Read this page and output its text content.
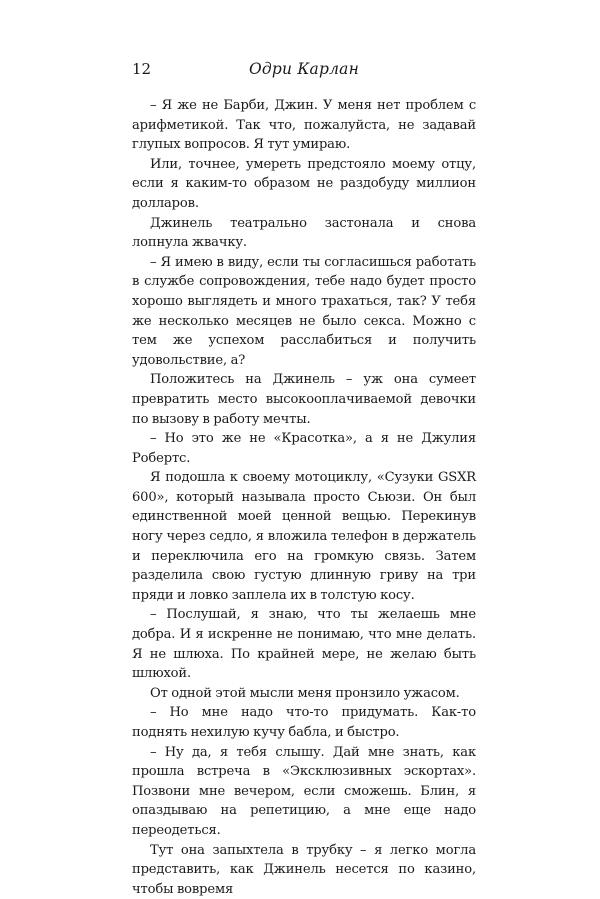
12	Одри Карлан

– Я же не Барби, Джин. У меня нет проблем с арифметикой. Так что, пожалуйста, не задавай глупых вопросов. Я тут умираю.

Или, точнее, умереть предстояло моему отцу, если я каким-то образом не раздобуду миллион долларов.

Джинель театрально застонала и снова лопнула жвачку.

– Я имею в виду, если ты согласишься работать в службе сопровождения, тебе надо будет просто хорошо выглядеть и много трахаться, так? У тебя же несколько месяцев не было секса. Можно с тем же успехом расслабиться и получить удовольствие, а?

Положитесь на Джинель – уж она сумеет превратить место высокооплачиваемой девочки по вызову в работу мечты.

– Но это же не «Красотка», а я не Джулия Робертс.

Я подошла к своему мотоциклу, «Сузуки GSXR 600», который называла просто Сьюзи. Он был единственной моей ценной вещью. Перекинув ногу через седло, я вложила телефон в держатель и переключила его на громкую связь. Затем разделила свою густую длинную гриву на три пряди и ловко заплела их в толстую косу.

– Послушай, я знаю, что ты желаешь мне добра. И я искренне не понимаю, что мне делать. Я не шлюха. По крайней мере, не желаю быть шлюхой.

От одной этой мысли меня пронзило ужасом.

– Но мне надо что-то придумать. Как-то поднять нехилую кучу бабла, и быстро.

– Ну да, я тебя слышу. Дай мне знать, как прошла встреча в «Эксклюзивных эскортах». Позвони мне вечером, если сможешь. Блин, я опаздываю на репетицию, а мне еще надо переодеться.

Тут она запыхтела в трубку – я легко могла представить, как Джинель несется по казино, чтобы вовремя
